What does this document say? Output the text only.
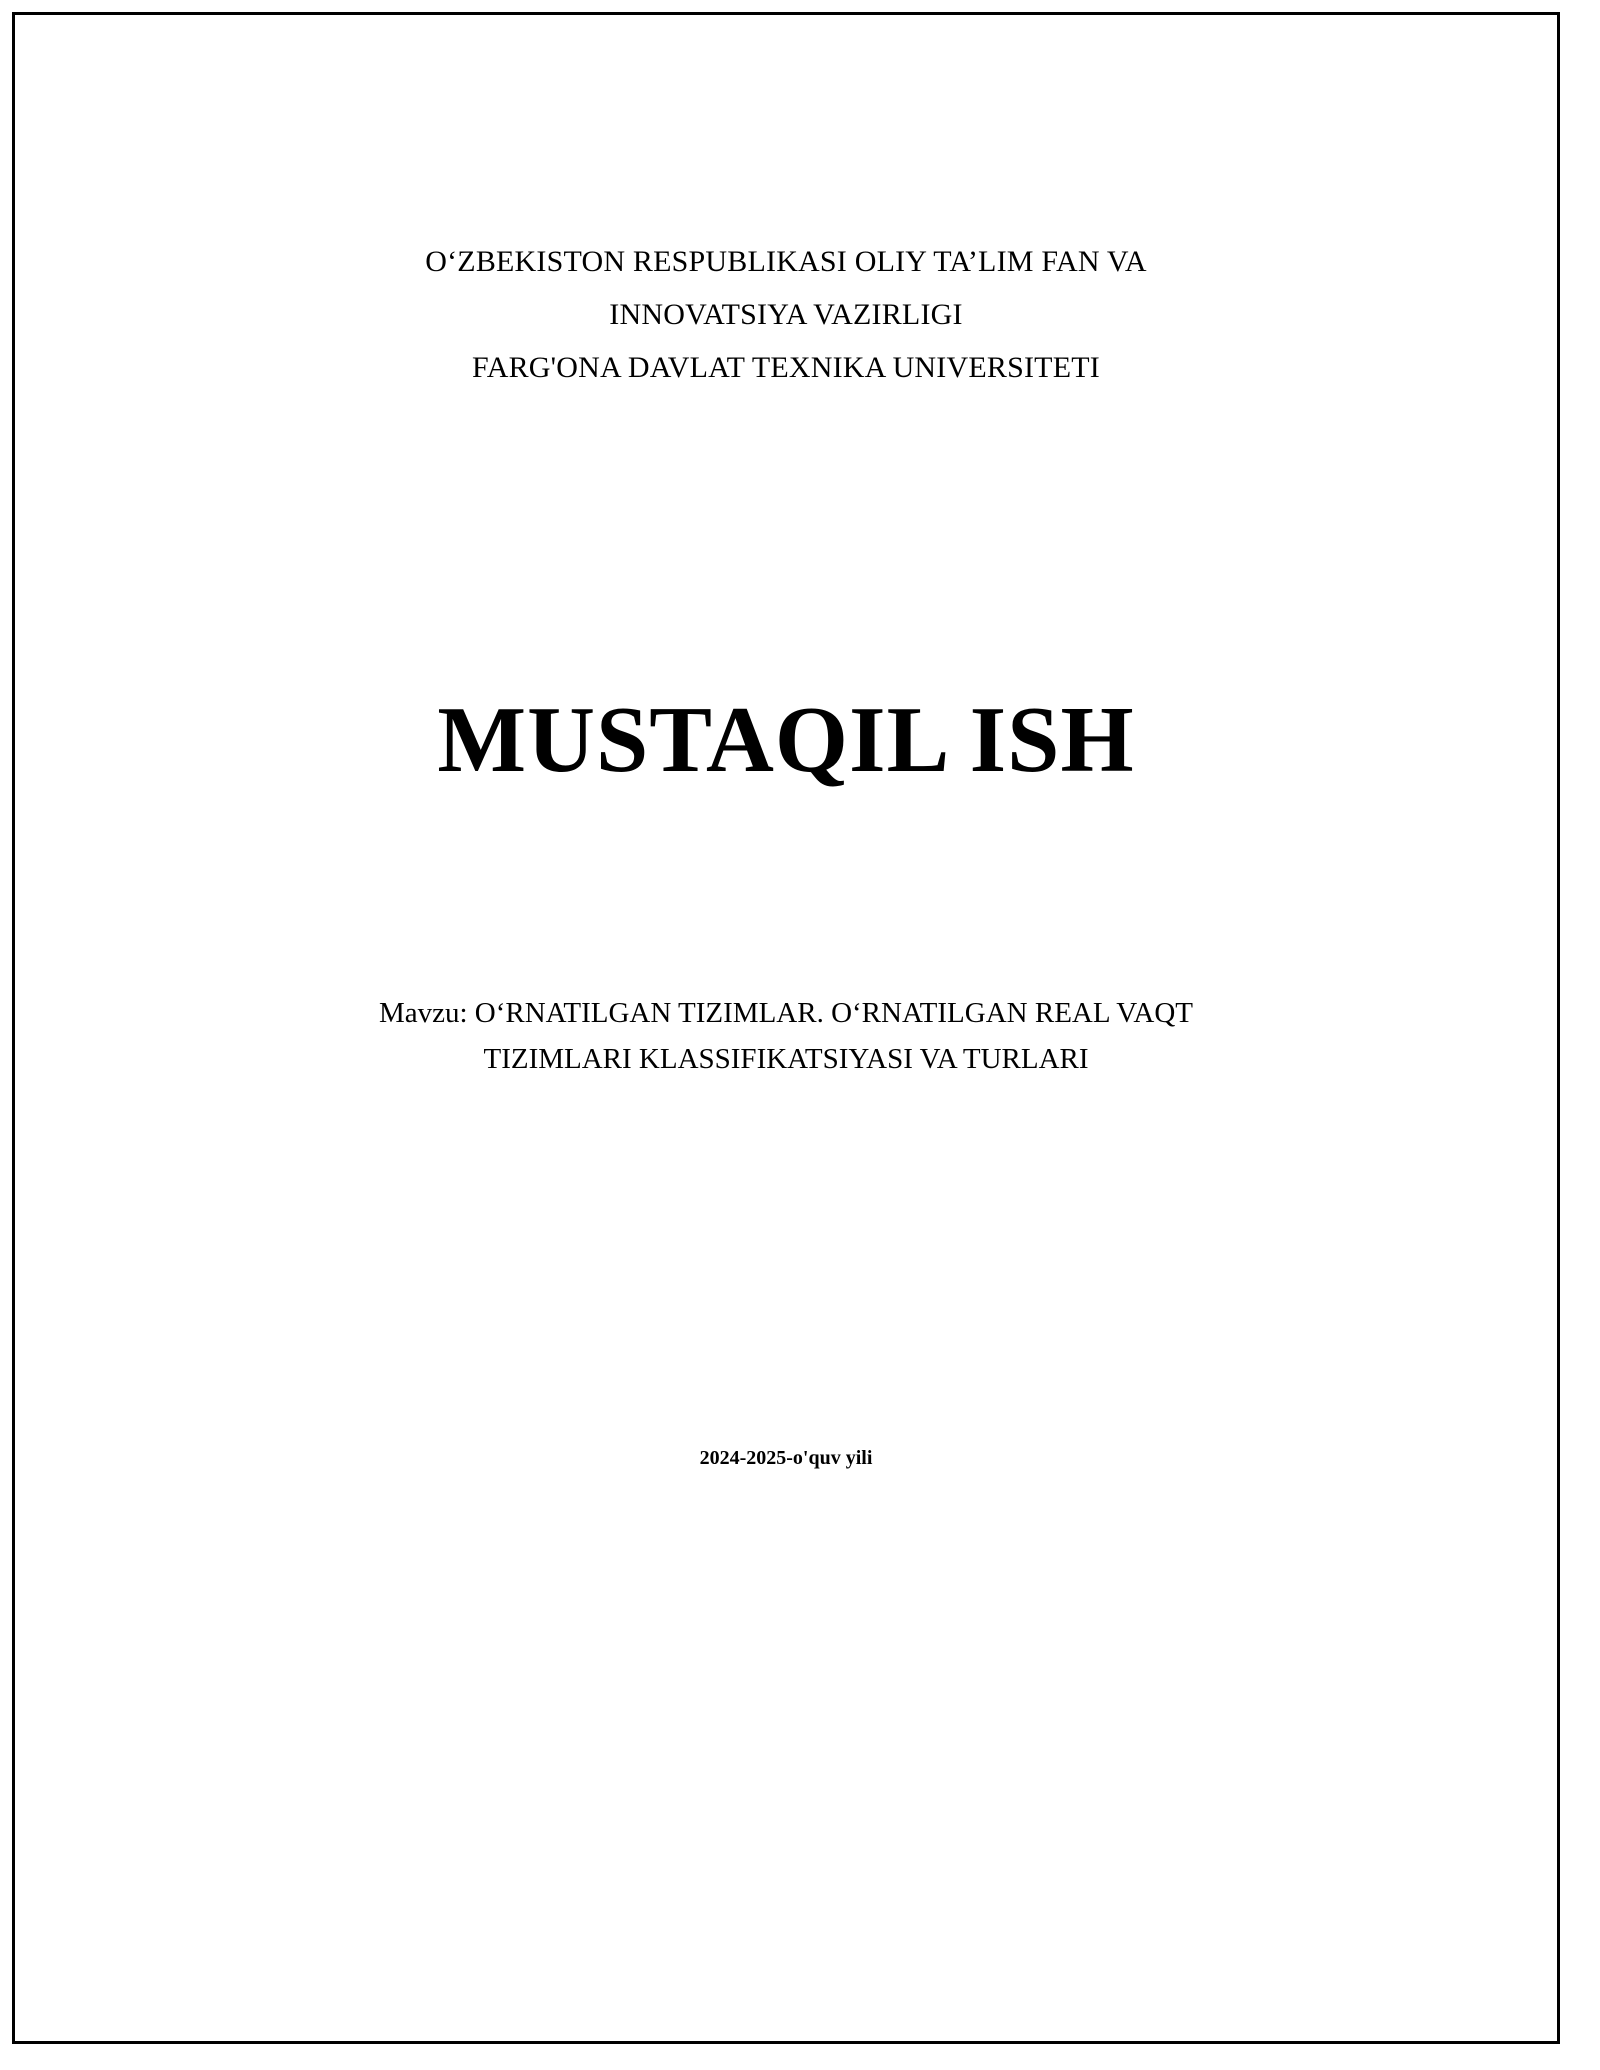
O‘ZBEKISTON RESPUBLIKASI OLIY TA’LIM FAN VA
INNOVATSIYA VAZIRLIGI
FARG'ONA DAVLAT TEXNIKA UNIVERSITETI
MUSTAQIL ISH
Mavzu: O‘RNATILGAN TIZIMLAR. O‘RNATILGAN REAL VAQT
TIZIMLARI KLASSIFIKATSIYASI VA TURLARI
2024-2025-o'quv yili
